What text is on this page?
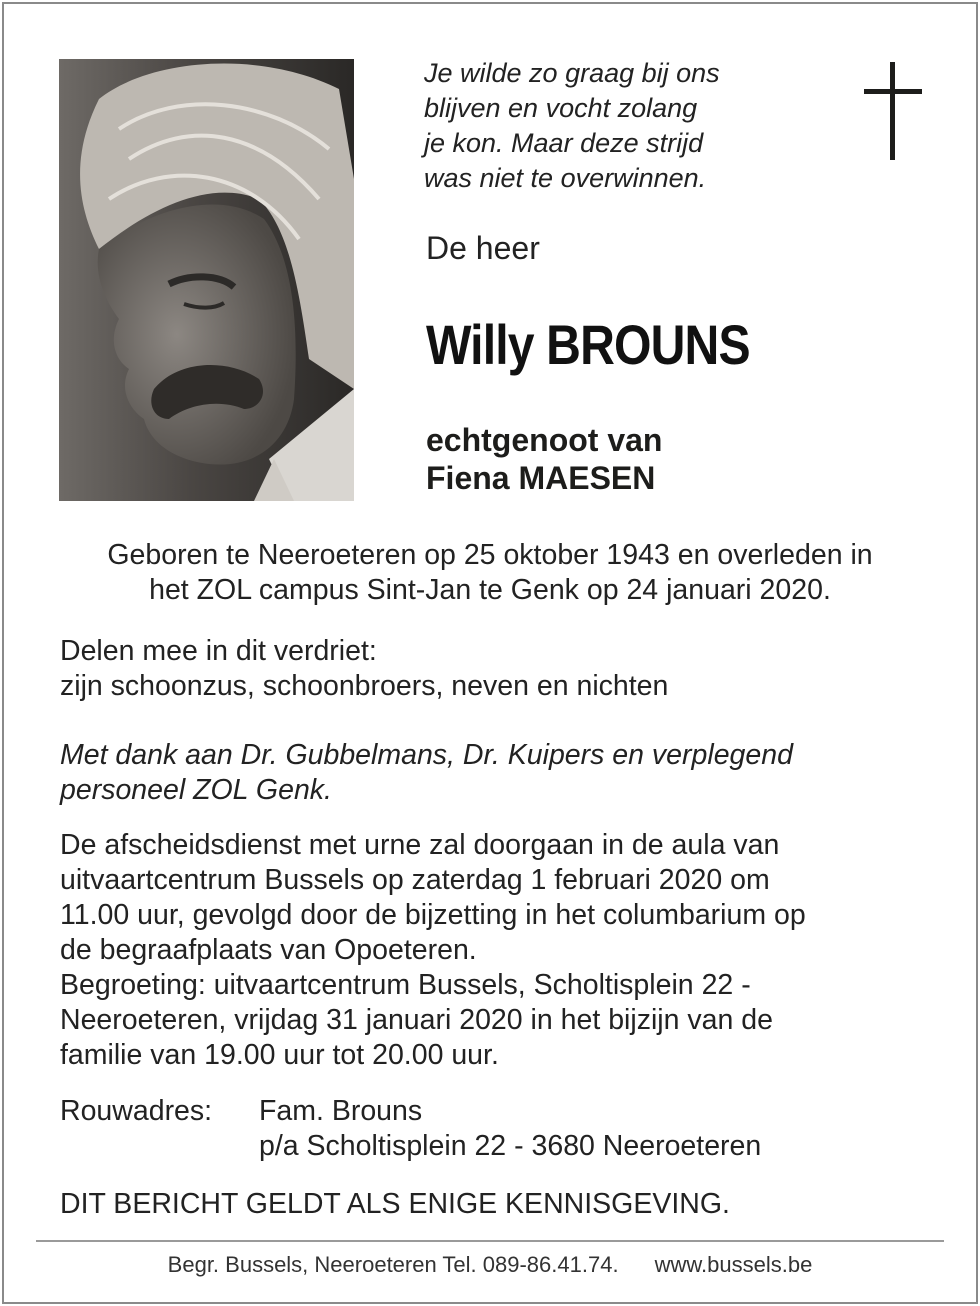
Je wilde zo graag bij ons
blijven en vocht zolang
je kon. Maar deze strijd
was niet te overwinnen.
De heer
Willy BROUNS
echtgenoot van
Fiena MAESEN
Geboren te Neeroeteren op 25 oktober 1943 en overleden in
het ZOL campus Sint-Jan te Genk op 24 januari 2020.
Delen mee in dit verdriet:
zijn schoonzus, schoonbroers, neven en nichten
Met dank aan Dr. Gubbelmans, Dr. Kuipers en verplegend
personeel ZOL Genk.
De afscheidsdienst met urne zal doorgaan in de aula van
uitvaartcentrum Bussels op zaterdag 1 februari 2020 om
11.00 uur, gevolgd door de bijzetting in het columbarium op
de begraafplaats van Opoeteren.
Begroeting: uitvaartcentrum Bussels, Scholtisplein 22 -
Neeroeteren, vrijdag 31 januari 2020 in het bijzijn van de
familie van 19.00 uur tot 20.00 uur.
Rouwadres:	Fam. Brouns
p/a Scholtisplein 22 - 3680 Neeroeteren
DIT BERICHT GELDT ALS ENIGE KENNISGEVING.
Begr. Bussels, Neeroeteren Tel. 089-86.41.74. www.bussels.be
